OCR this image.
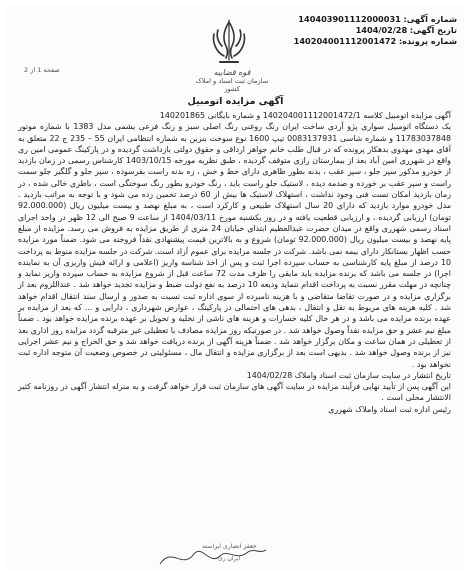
شماره آگهی: 140403901112000031
تاریخ آگهی: 1404/02/28
شماره پرونده: 140204001112001472
قوه قضاییه
سازمان ثبت اسناد و املاک کشور
صفحه 1 از 2
آگهی مزایده اتومبیل

آگهی مزایده اتومبیل کلاسه 140204001112001472/1 و شماره بایگانی 140201865

یک دستگاه اتومبیل سواری پژو آردی ساخت ایران رنگ روغنی رنگ اصلی سبز و رنگ فرعی یشمی مدل 1383 با شماره موتور 11783037848 و شماره شاسی 0083137931 تیپ 1600 نوع سوخت بنزین به شماره انتظامی ایران 55 – 235 ج 22 متعلق به آقای مهدی مهدوی بدهکار پرونده که در قبال طلب خانم جواهر ارداقی و حقوق دولتی بازداشت گردیده و در پارکینگ عمومی امین ری واقع در شهرری امین آباد بعد از بیمارستان رازی متوقف گردیده ، طبق نظریه مورخه 1403/10/15 کارشناس رسمی در زمان بازدید از خودرو مذکور سپر جلو ، سپر عقب ، بدنه بطور ظاهری دارای خط و خش ، زه بدنه راست بفرسوده ، سپر جلو و گلگیر جلو سمت راست و سپر عقب بر خورده و صدمه دیده ، لاستیک جلو راست باید ، رنگ خودرو بطور رنگ سوختگی است ، باطری خالی شده ، در زمان بازدید امکان تست فنی وجود نداشت ، استهلاک لاستیک ها بیش از 60 درصد تخمین زده می شود و با توجه به مراتب بازدید . مدل خودرو موارد بازدید که دارای 20 سال استهلاک طبیعی و کارکرد است ، به مبلغ نهصد و بیست میلیون ریال (92.000.000 تومان) ارزیابی گردیده ، و ارزیابی قطعیت یافته و در روز یکشنبه مورخ 1404/03/11 از ساعت 9 صبح الی 12 ظهر در واحد اجرای اسناد رسمی شهرری واقع در میدان حضرت عبدالعظیم ابتدای خیابان 24 متری از طریق مزایده به فروش می رسد. مزایده از مبلغ پایه نهصد و بیست میلیون ریال (92.000.000 تومان) شروع و به بالاترین قیمت پیشنهادی نقداً فروخته می شود. ضمناً مورد مزایده حسب اظهار بستانکار دارای بیمه نمی باشد. شرکت در جلسه مزایده برای عموم آزاد است. شرکت در جلسه مزایده منوط به پرداخت 10 درصد از مبلغ پایه کارشناسی به حساب سپرده اجرا ثبت و پس از اخذ شناسه واریز (اعلامی و ارائه فیش واریزی آن به نماینده اجرا) در جلسه می باشد که برنده مزایده باید مابقی را ظرف مدت 72 ساعت قبل از شروع مزایده به حساب سپرده واریز نماید و چنانچه در مهلت مقرر نسبت به پرداخت اقدام ننماید ودیعه 10 درصد به نفع دولت ضبط و مزایده تجدید خواهد شد . عنداللزوم بعد از برگزاری مزایده و در صورت تقاضا متقاضی و با هزینه نامبرده از سوی اداره ثبت نسبت به صدور و ارسال سند انتقال اقدام خواهد شد . کلیه هزینه های مربوط به نقل و انتقال ، بدهی های احتمالی در پارکینگ ، عوارض شهرداری ، دارایی و ... که بعد از مزایده بر عهده برنده مزایده می باشد و در هر حال کلیه خسارات و هزینه های ناشی از تخلیه و تحویل بر عهده برنده مزایده خواهد بود . ضمناً مبلغ نیم عشر و حق مزایده نقداً وصول خواهد شد . در صورتیکه روز مزایده مصادف با تعطیلی غیر مترقبه گردد مزایده روز اداری بعد از تعطیلی در همان ساعت و مکان برگزار خواهد شد . ضمناً هزینه آگهی از برنده دریافت خواهد شد و حق الحراج و نیم عشر اجرایی نیز از برنده وصول خواهد شد . بدیهی است بعد از برگزاری مزایده و انتقال مال ، مسئولیتی در خصوص وضعیت آن متوجه اداره ثبت نخواهد بود .

تاریخ انتشار در سایت سازمان ثبت اسناد واملاک 1404/02/28

این آگهی پس از تأیید نهایی فرآیند مزایده در سایت آگهی های سازمان ثبت قرار خواهد گرفت و به منزله انتشار آگهی در روزنامه کثیر الانتشار محلی است .

رئیس اداره ثبت اسناد واملاک شهرری

جعفر انصاری ایراسته
ایران ری
